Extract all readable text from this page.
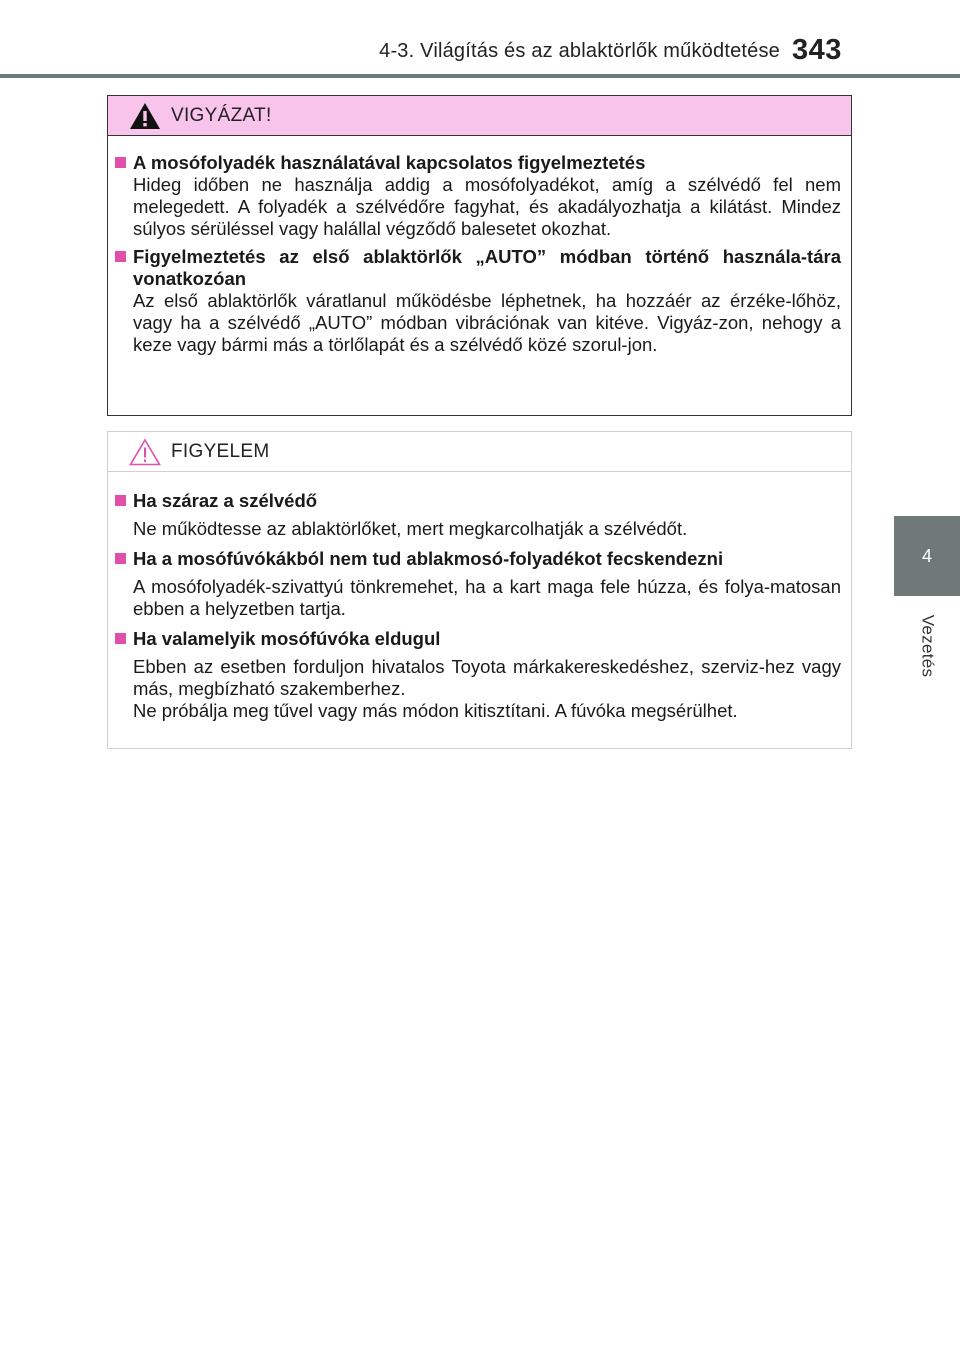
4-3. Világítás és az ablaktörlők működtetése 343
4
Vezetés
VIGYÁZAT!
A mosófolyadék használatával kapcsolatos figyelmeztetés
Hideg időben ne használja addig a mosófolyadékot, amíg a szélvédő fel nem melegedett. A folyadék a szélvédőre fagyhat, és akadályozhatja a kilátást. Mindez súlyos sérüléssel vagy halállal végződő balesetet okozhat.
Figyelmeztetés az első ablaktörlők „AUTO” módban történő használa-tára vonatkozóan
Az első ablaktörlők váratlanul működésbe léphetnek, ha hozzáér az érzéke-lőhöz, vagy ha a szélvédő „AUTO” módban vibrációnak van kitéve. Vigyáz-zon, nehogy a keze vagy bármi más a törlőlapát és a szélvédő közé szorul-jon.
FIGYELEM
Ha száraz a szélvédő
Ne működtesse az ablaktörlőket, mert megkarcolhatják a szélvédőt.
Ha a mosófúvókákból nem tud ablakmosó-folyadékot fecskendezni
A mosófolyadék-szivattyú tönkremehet, ha a kart maga fele húzza, és folya-matosan ebben a helyzetben tartja.
Ha valamelyik mosófúvóka eldugul
Ebben az esetben forduljon hivatalos Toyota márkakereskedéshez, szerviz-hez vagy más, megbízható szakemberhez.
Ne próbálja meg tűvel vagy más módon kitisztítani. A fúvóka megsérülhet.
